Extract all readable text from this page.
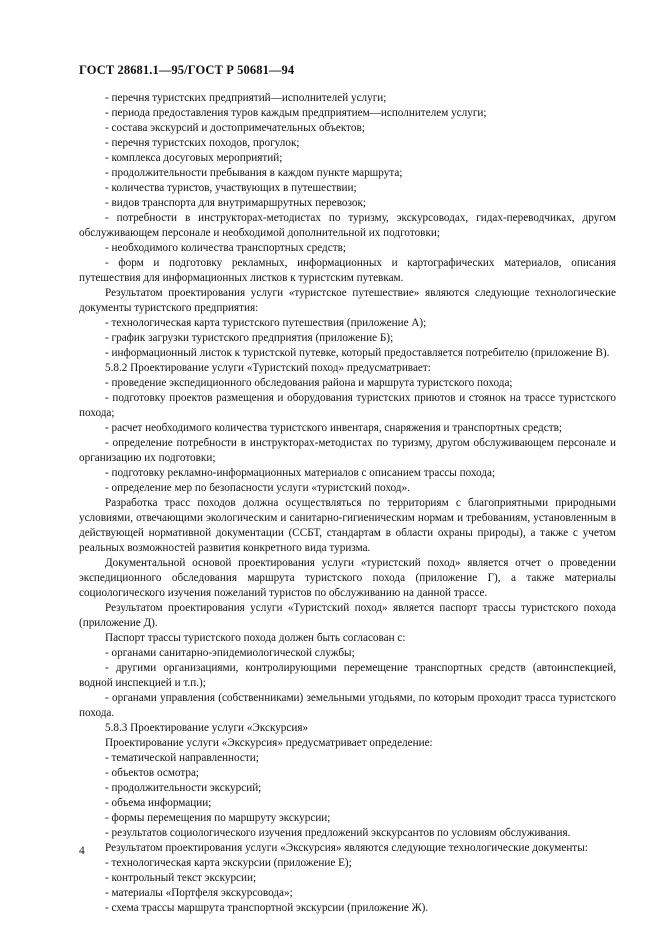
ГОСТ 28681.1—95/ГОСТ Р 50681—94

- перечня туристских предприятий—исполнителей услуги;

- периода предоставления туров каждым предприятием—исполнителем услуги;

- состава экскурсий и достопримечательных объектов;

- перечня туристских походов, прогулок;

- комплекса досуговых мероприятий;

- продолжительности пребывания в каждом пункте маршрута;

- количества туристов, участвующих в путешествии;

- видов транспорта для внутримаршрутных перевозок;

- потребности в инструкторах-методистах по туризму, экскурсоводах, гидах-переводчиках, другом обслуживающем персонале и необходимой дополнительной их подготовки;

- необходимого количества транспортных средств;

- форм и подготовку рекламных, информационных и картографических материалов, описания путешествия для информационных листков к туристским путевкам.

Результатом проектирования услуги «туристское путешествие» являются следующие технологические документы туристского предприятия:

- технологическая карта туристского путешествия (приложение А);

- график загрузки туристского предприятия (приложение Б);

- информационный листок к туристской путевке, который предоставляется потребителю (приложение В).

5.8.2 Проектирование услуги «Туристский поход» предусматривает:

- проведение экспедиционного обследования района и маршрута туристского похода;

- подготовку проектов размещения и оборудования туристских приютов и стоянок на трассе туристского похода;

- расчет необходимого количества туристского инвентаря, снаряжения и транспортных средств;

- определение потребности в инструкторах-методистах по туризму, другом обслуживающем персонале и организацию их подготовки;

- подготовку рекламно-информационных материалов с описанием трассы похода;

- определение мер по безопасности услуги «туристский поход».

Разработка трасс походов должна осуществляться по территориям с благоприятными природными условиями, отвечающими экологическим и санитарно-гигиеническим нормам и требованиям, установленным в действующей нормативной документации (ССБТ, стандартам в области охраны природы), а также с учетом реальных возможностей развития конкретного вида туризма.

Документальной основой проектирования услуги «туристский поход» является отчет о проведении экспедиционного обследования маршрута туристского похода (приложение Г), а также материалы социологического изучения пожеланий туристов по обслуживанию на данной трассе.

Результатом проектирования услуги «Туристский поход» является паспорт трассы туристского похода (приложение Д).

Паспорт трассы туристского похода должен быть согласован с:

- органами санитарно-эпидемиологической службы;

- другими организациями, контролирующими перемещение транспортных средств (автоинспекцией, водной инспекцией и т.п.);

- органами управления (собственниками) земельными угодьями, по которым проходит трасса туристского похода.

5.8.3 Проектирование услуги «Экскурсия»

Проектирование услуги «Экскурсия» предусматривает определение:

- тематической направленности;

- объектов осмотра;

- продолжительности экскурсий;

- объема информации;

- формы перемещения по маршруту экскурсии;

- результатов социологического изучения предложений экскурсантов по условиям обслуживания.

Результатом проектирования услуги «Экскурсия» являются следующие технологические документы:

- технологическая карта экскурсии (приложение Е);

- контрольный текст экскурсии;

- материалы «Портфеля экскурсовода»;

- схема трассы маршрута транспортной экскурсии (приложение Ж).

4
